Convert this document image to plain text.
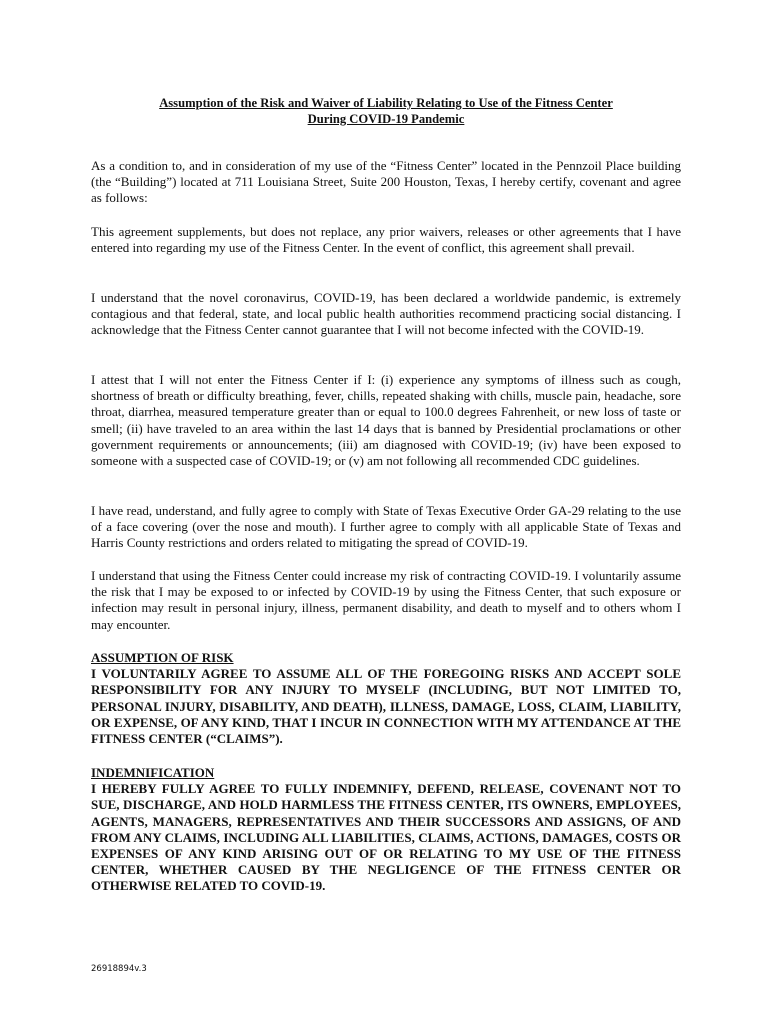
Assumption of the Risk and Waiver of Liability Relating to Use of the Fitness Center
During COVID-19 Pandemic

As a condition to, and in consideration of my use of the “Fitness Center” located in the Pennzoil Place building (the “Building”) located at 711 Louisiana Street, Suite 200 Houston, Texas, I hereby certify, covenant and agree as follows:

This agreement supplements, but does not replace, any prior waivers, releases or other agreements that I have entered into regarding my use of the Fitness Center. In the event of conflict, this agreement shall prevail.

I understand that the novel coronavirus, COVID-19, has been declared a worldwide pandemic, is extremely contagious and that federal, state, and local public health authorities recommend practicing social distancing. I acknowledge that the Fitness Center cannot guarantee that I will not become infected with the COVID-19.

I attest that I will not enter the Fitness Center if I: (i) experience any symptoms of illness such as cough, shortness of breath or difficulty breathing, fever, chills, repeated shaking with chills, muscle pain, headache, sore throat, diarrhea, measured temperature greater than or equal to 100.0 degrees Fahrenheit, or new loss of taste or smell; (ii) have traveled to an area within the last 14 days that is banned by Presidential proclamations or other government requirements or announcements; (iii) am diagnosed with COVID-19; (iv) have been exposed to someone with a suspected case of COVID-19; or (v) am not following all recommended CDC guidelines.

I have read, understand, and fully agree to comply with State of Texas Executive Order GA-29 relating to the use of a face covering (over the nose and mouth). I further agree to comply with all applicable State of Texas and Harris County restrictions and orders related to mitigating the spread of COVID-19.

I understand that using the Fitness Center could increase my risk of contracting COVID-19. I voluntarily assume the risk that I may be exposed to or infected by COVID-19 by using the Fitness Center, that such exposure or infection may result in personal injury, illness, permanent disability, and death to myself and to others whom I may encounter.

ASSUMPTION OF RISK
I VOLUNTARILY AGREE TO ASSUME ALL OF THE FOREGOING RISKS AND ACCEPT SOLE RESPONSIBILITY FOR ANY INJURY TO MYSELF (INCLUDING, BUT NOT LIMITED TO, PERSONAL INJURY, DISABILITY, AND DEATH), ILLNESS, DAMAGE, LOSS, CLAIM, LIABILITY, OR EXPENSE, OF ANY KIND, THAT I INCUR IN CONNECTION WITH MY ATTENDANCE AT THE FITNESS CENTER (“CLAIMS”).
INDEMNIFICATION
I HEREBY FULLY AGREE TO FULLY INDEMNIFY, DEFEND, RELEASE, COVENANT NOT TO SUE, DISCHARGE, AND HOLD HARMLESS THE FITNESS CENTER, ITS OWNERS, EMPLOYEES, AGENTS, MANAGERS, REPRESENTATIVES AND THEIR SUCCESSORS AND ASSIGNS, OF AND FROM ANY CLAIMS, INCLUDING ALL LIABILITIES, CLAIMS, ACTIONS, DAMAGES, COSTS OR EXPENSES OF ANY KIND ARISING OUT OF OR RELATING TO MY USE OF THE FITNESS CENTER, WHETHER CAUSED BY THE NEGLIGENCE OF THE FITNESS CENTER OR OTHERWISE RELATED TO COVID-19.
26918894v.3
